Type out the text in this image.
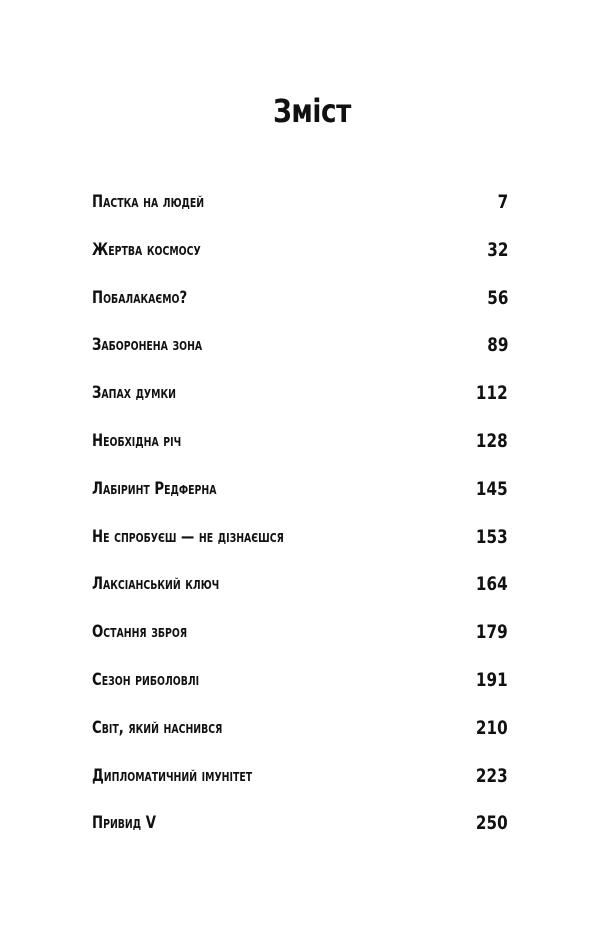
Зміст
Пастка на людей	7
Жертва космосу	32
Побалакаємо?	56
Заборонена зона	89
Запах думки	112
Необхідна річ	128
Лабіринт Редферна	145
Не спробуєш — не дізнаєшся	153
Лаксіанський ключ	164
Остання зброя	179
Сезон риболовлі	191
Світ, який наснився	210
Дипломатичний імунітет	223
Привид V	250
